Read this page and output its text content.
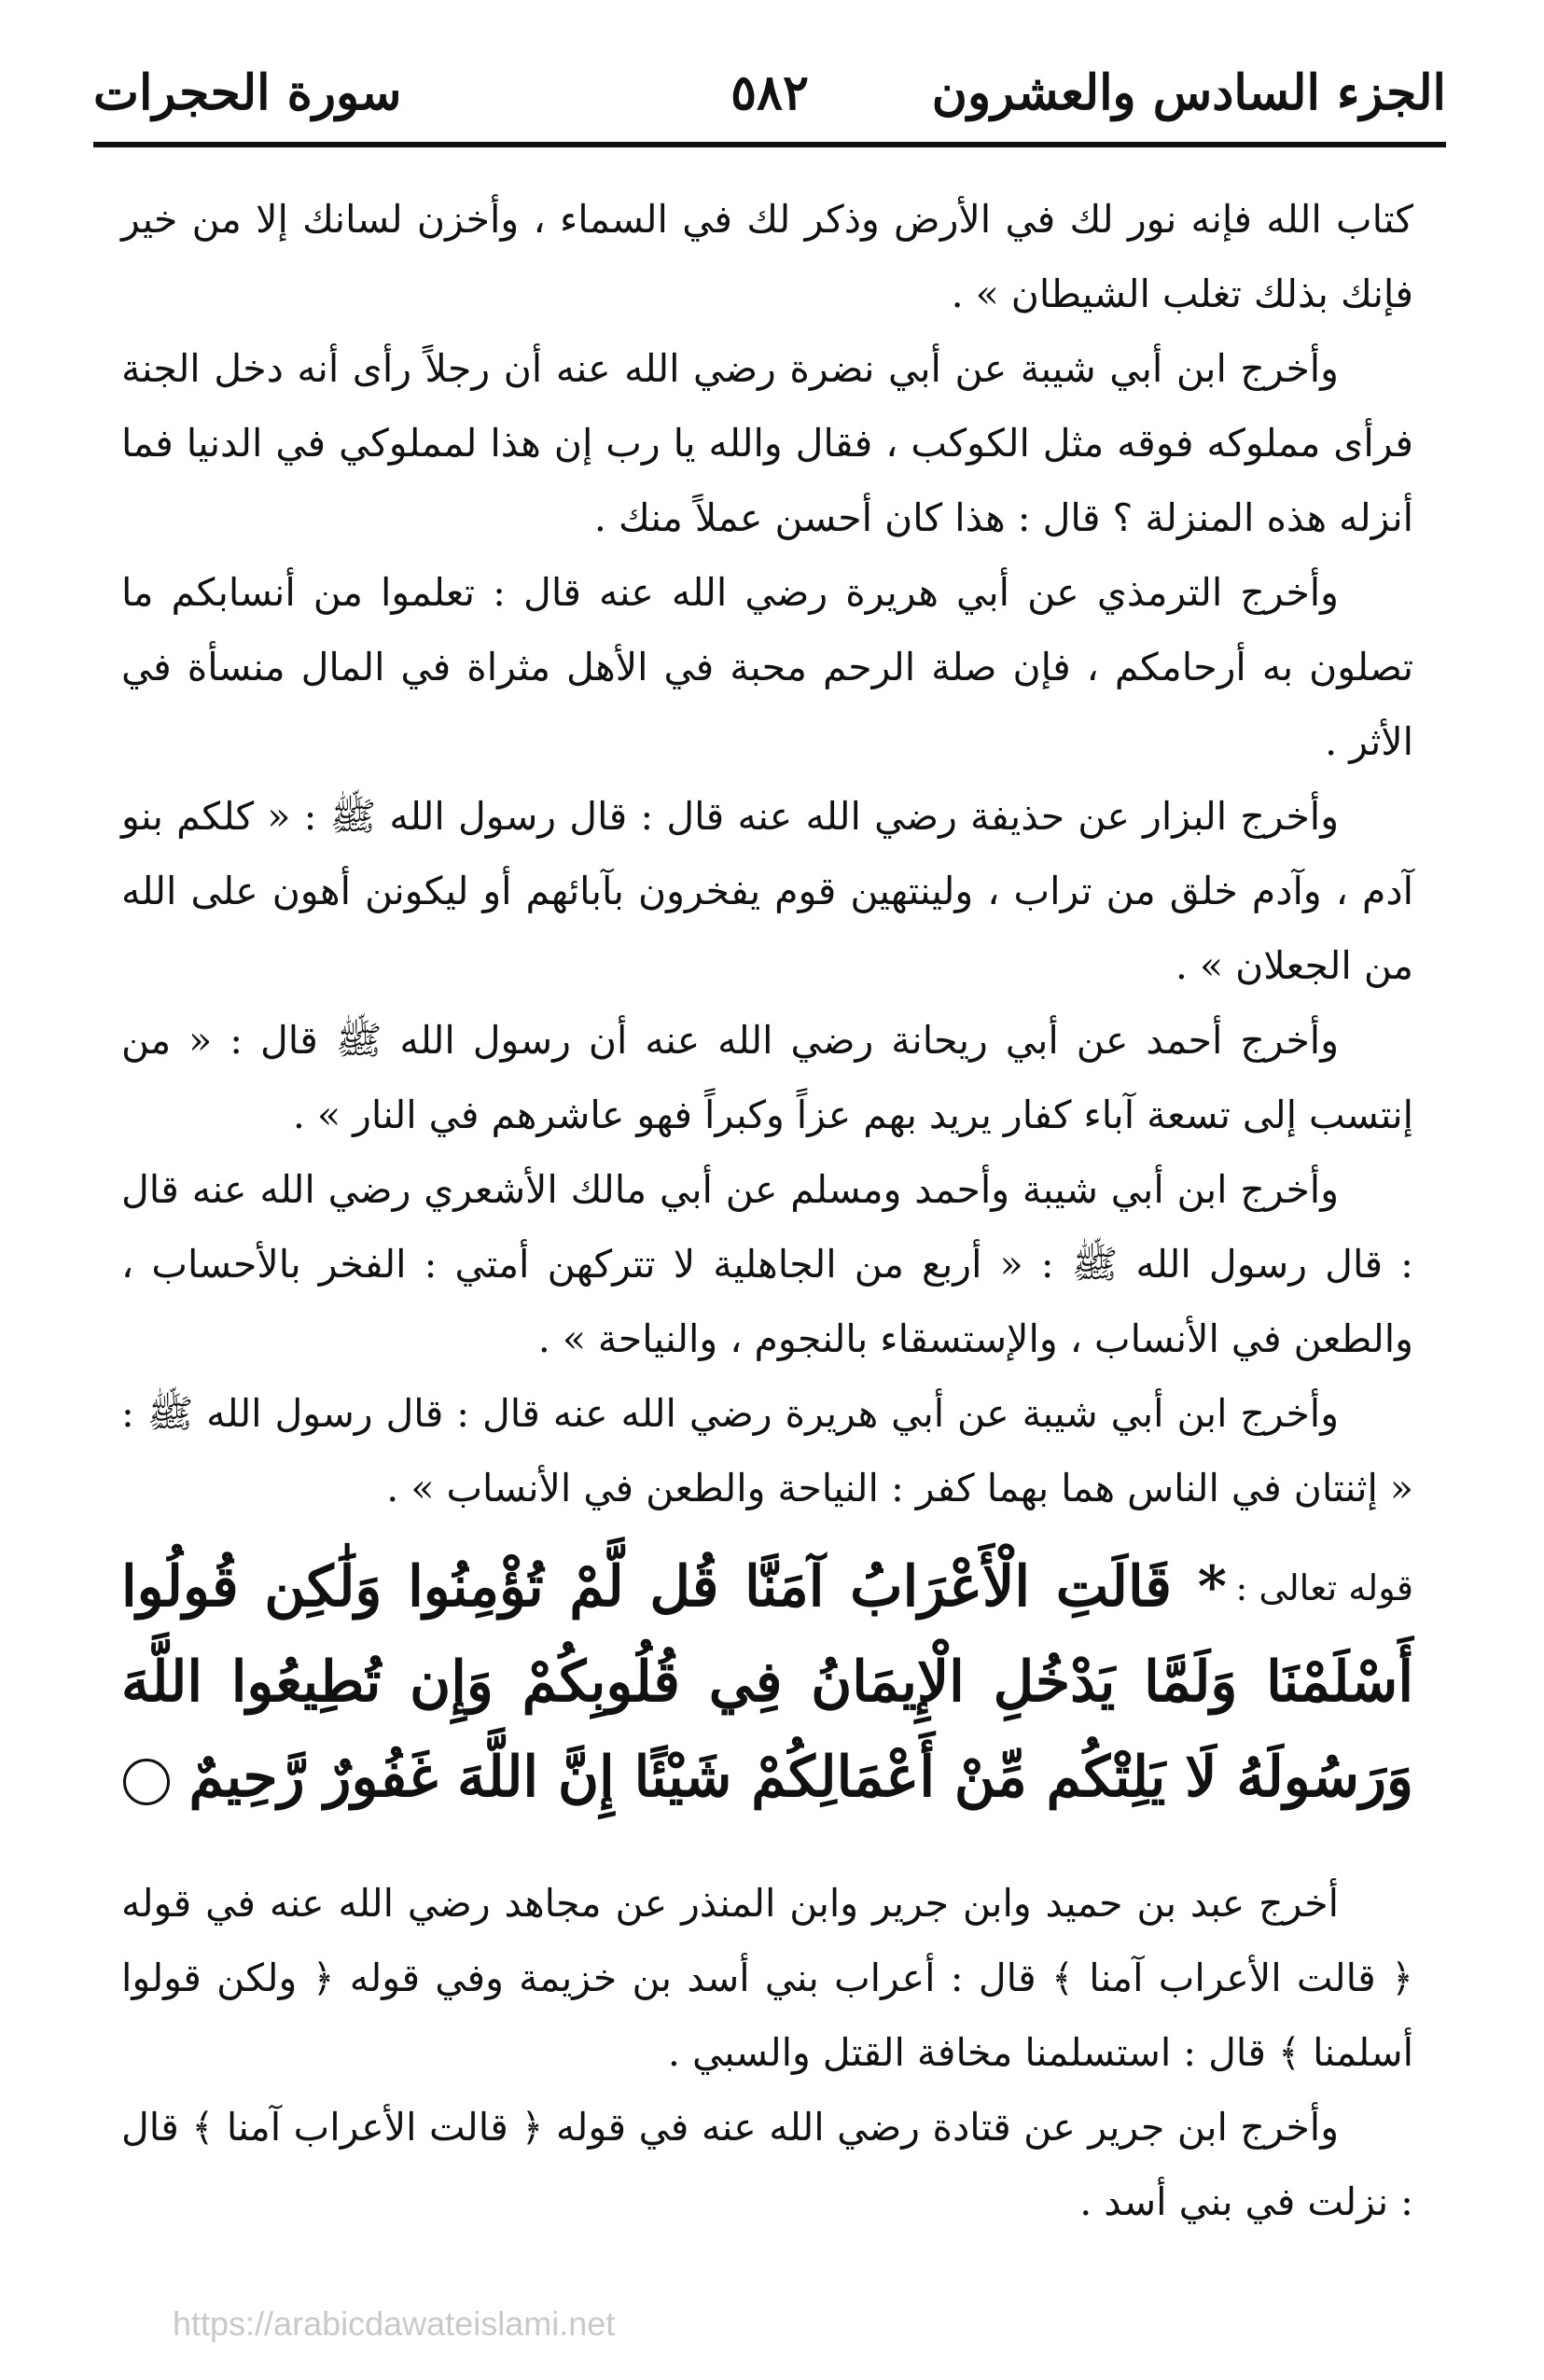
الجزء السادس والعشرون
٥٨٢
سورة الحجرات

كتاب الله فإنه نور لك في الأرض وذكر لك في السماء ، وأخزن لسانك إلا من خير فإنك بذلك تغلب الشيطان » .

وأخرج ابن أبي شيبة عن أبي نضرة رضي الله عنه أن رجلاً رأى أنه دخل الجنة فرأى مملوكه فوقه مثل الكوكب ، فقال والله يا رب إن هذا لمملوكي في الدنيا فما أنزله هذه المنزلة ؟ قال : هذا كان أحسن عملاً منك .

وأخرج الترمذي عن أبي هريرة رضي الله عنه قال : تعلموا من أنسابكم ما تصلون به أرحامكم ، فإن صلة الرحم محبة في الأهل مثراة في المال منسأة في الأثر .

وأخرج البزار عن حذيفة رضي الله عنه قال : قال رسول الله ﷺ : « كلكم بنو آدم ، وآدم خلق من تراب ، ولينتهين قوم يفخرون بآبائهم أو ليكونن أهون على الله من الجعلان » .

وأخرج أحمد عن أبي ريحانة رضي الله عنه أن رسول الله ﷺ قال : « من إنتسب إلى تسعة آباء كفار يريد بهم عزاً وكبراً فهو عاشرهم في النار » .

وأخرج ابن أبي شيبة وأحمد ومسلم عن أبي مالك الأشعري رضي الله عنه قال : قال رسول الله ﷺ : « أربع من الجاهلية لا تتركهن أمتي : الفخر بالأحساب ، والطعن في الأنساب ، والإستسقاء بالنجوم ، والنياحة » .

وأخرج ابن أبي شيبة عن أبي هريرة رضي الله عنه قال : قال رسول الله ﷺ : « إثنتان في الناس هما بهما كفر : النياحة والطعن في الأنساب » .

قوله تعالى :
* قَالَتِ الْأَعْرَابُ آمَنَّا قُل لَّمْ تُؤْمِنُوا وَلَٰكِن قُولُوا أَسْلَمْنَا وَلَمَّا يَدْخُلِ الْإِيمَانُ فِي قُلُوبِكُمْ وَإِن تُطِيعُوا اللَّهَ وَرَسُولَهُ لَا يَلِتْكُم مِّنْ أَعْمَالِكُمْ شَيْئًا إِنَّ اللَّهَ غَفُورٌ رَّحِيمٌ

أخرج عبد بن حميد وابن جرير وابن المنذر عن مجاهد رضي الله عنه في قوله ﴿ قالت الأعراب آمنا ﴾ قال : أعراب بني أسد بن خزيمة وفي قوله ﴿ ولكن قولوا أسلمنا ﴾ قال : استسلمنا مخافة القتل والسبي .

وأخرج ابن جرير عن قتادة رضي الله عنه في قوله ﴿ قالت الأعراب آمنا ﴾ قال : نزلت في بني أسد .

https://arabicdawateislami.net
